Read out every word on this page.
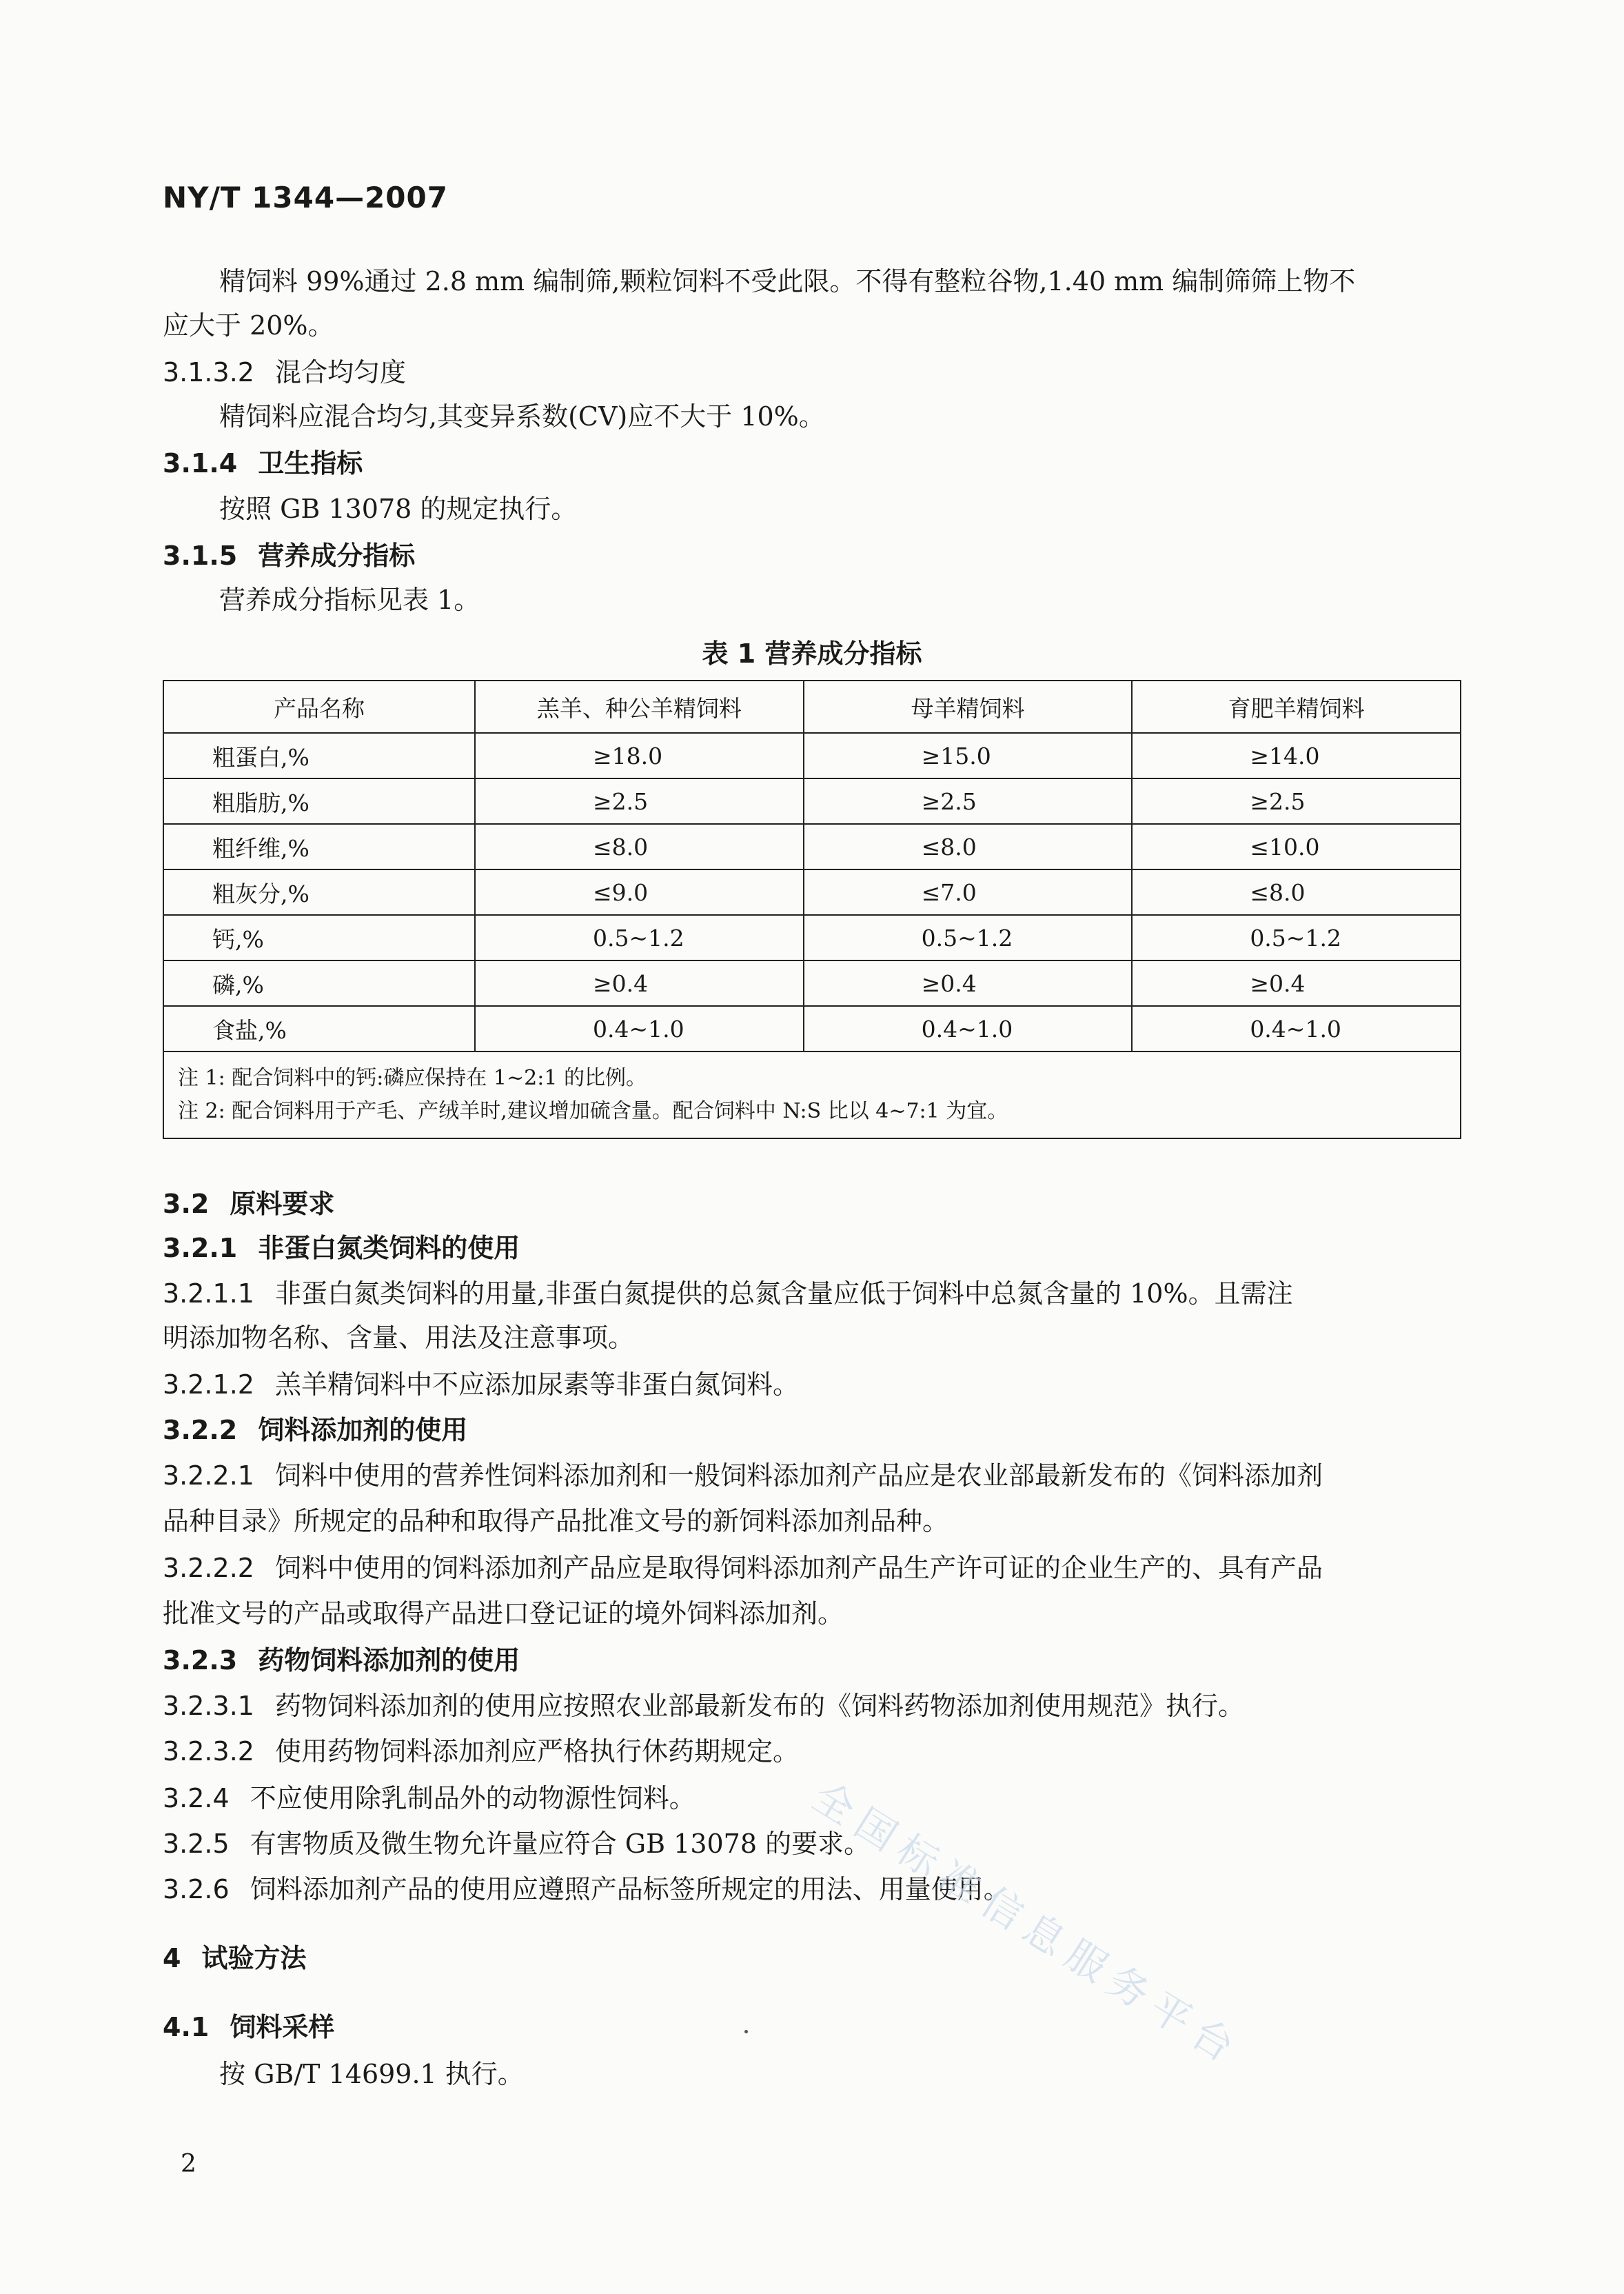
NY/T 1344—2007
精饲料 99%通过 2.8 mm 编制筛,颗粒饲料不受此限。不得有整粒谷物,1.40 mm 编制筛筛上物不
应大于 20%。
3.1.3.2 混合均匀度
精饲料应混合均匀,其变异系数(CV)应不大于 10%。
3.1.4 卫生指标
按照 GB 13078 的规定执行。
3.1.5 营养成分指标
营养成分指标见表 1。
表 1 营养成分指标
产品名称	羔羊、种公羊精饲料	母羊精饲料	育肥羊精饲料
粗蛋白,%	≥18.0	≥15.0	≥14.0
粗脂肪,%	≥2.5	≥2.5	≥2.5
粗纤维,%	≤8.0	≤8.0	≤10.0
粗灰分,%	≤9.0	≤7.0	≤8.0
钙,%	0.5~1.2	0.5~1.2	0.5~1.2
磷,%	≥0.4	≥0.4	≥0.4
食盐,%	0.4~1.0	0.4~1.0	0.4~1.0

注 1: 配合饲料中的钙:磷应保持在 1~2:1 的比例。
注 2: 配合饲料用于产毛、产绒羊时,建议增加硫含量。配合饲料中 N:S 比以 4~7:1 为宜。			
3.2 原料要求
3.2.1 非蛋白氮类饲料的使用
3.2.1.1 非蛋白氮类饲料的用量,非蛋白氮提供的总氮含量应低于饲料中总氮含量的 10%。且需注
明添加物名称、含量、用法及注意事项。
3.2.1.2 羔羊精饲料中不应添加尿素等非蛋白氮饲料。
3.2.2 饲料添加剂的使用
3.2.2.1 饲料中使用的营养性饲料添加剂和一般饲料添加剂产品应是农业部最新发布的《饲料添加剂
品种目录》所规定的品种和取得产品批准文号的新饲料添加剂品种。
3.2.2.2 饲料中使用的饲料添加剂产品应是取得饲料添加剂产品生产许可证的企业生产的、具有产品
批准文号的产品或取得产品进口登记证的境外饲料添加剂。
3.2.3 药物饲料添加剂的使用
3.2.3.1 药物饲料添加剂的使用应按照农业部最新发布的《饲料药物添加剂使用规范》执行。
3.2.3.2 使用药物饲料添加剂应严格执行休药期规定。
3.2.4 不应使用除乳制品外的动物源性饲料。
3.2.5 有害物质及微生物允许量应符合 GB 13078 的要求。
3.2.6 饲料添加剂产品的使用应遵照产品标签所规定的用法、用量使用。
4 试验方法
4.1 饲料采样
按 GB/T 14699.1 执行。
2
全国标准信息服务平台
